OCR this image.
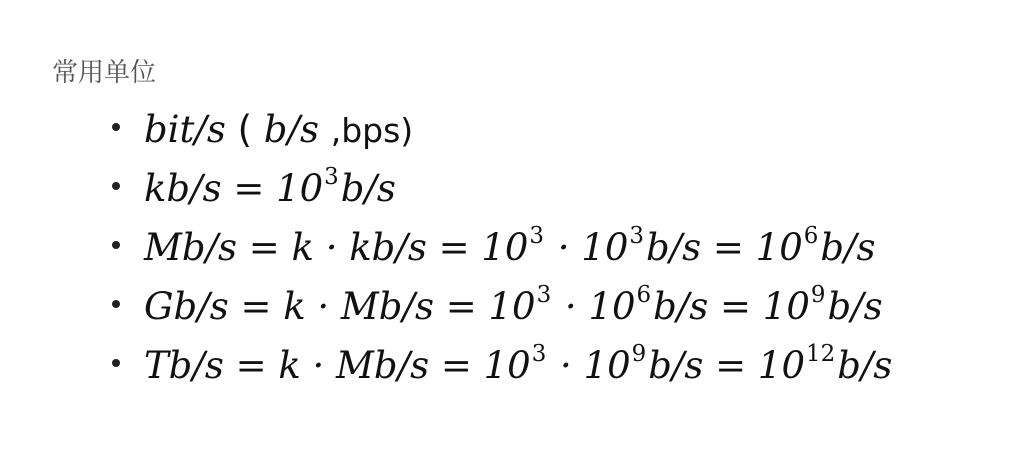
常用单位
bit/s ( b/s ,bps)
$kb/s = 10^3b/s$
$Mb/s = k \cdot kb/s = 10^3 \cdot 10^3b/s = 10^6b/s$
$Gb/s = k \cdot Mb/s = 10^3 \cdot 10^6b/s = 10^9b/s$
$Tb/s = k \cdot Mb/s = 10^3 \cdot 10^9b/s = 10^{12}b/s$
